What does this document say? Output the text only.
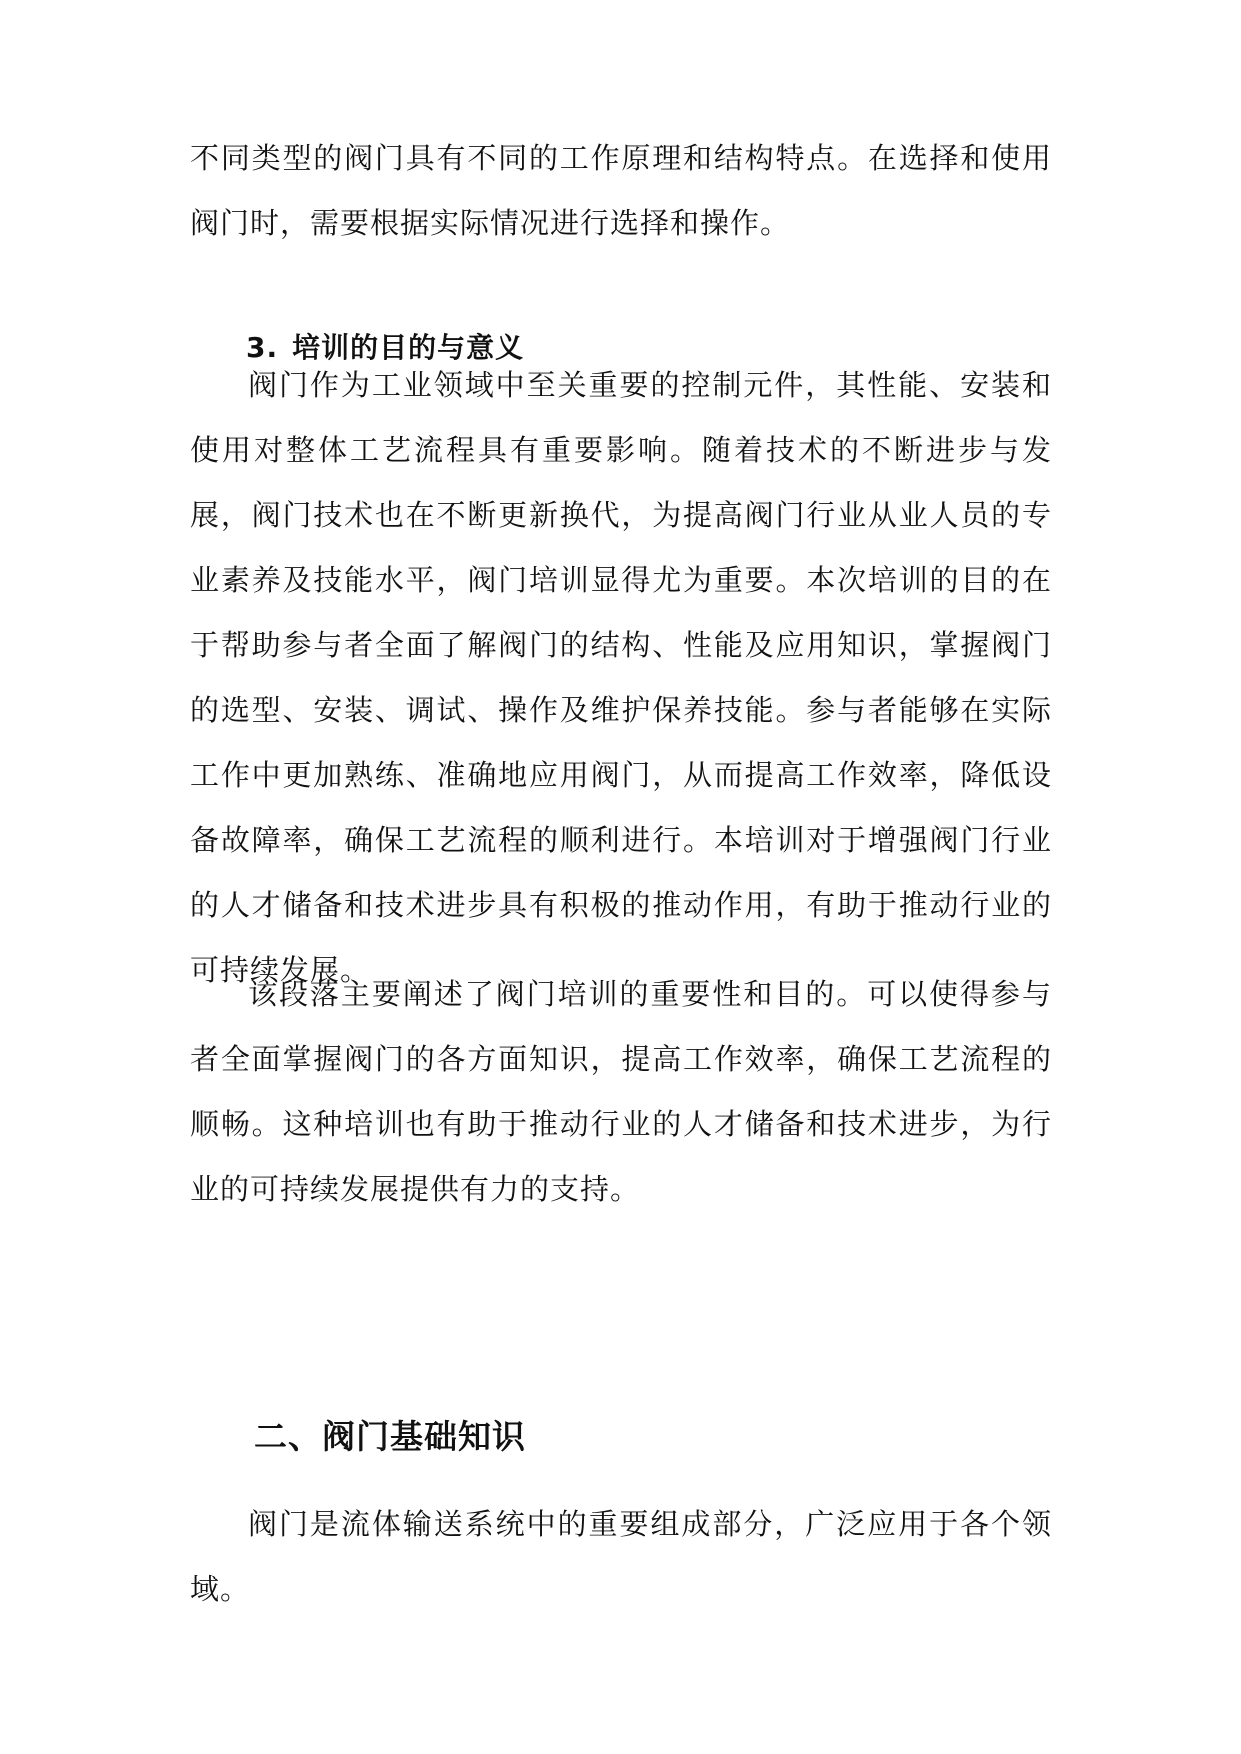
不同类型的阀门具有不同的工作原理和结构特点。在选择和使用阀门时，需要根据实际情况进行选择和操作。

3. 培训的目的与意义

阀门作为工业领域中至关重要的控制元件，其性能、安装和使用对整体工艺流程具有重要影响。随着技术的不断进步与发展，阀门技术也在不断更新换代，为提高阀门行业从业人员的专业素养及技能水平，阀门培训显得尤为重要。本次培训的目的在于帮助参与者全面了解阀门的结构、性能及应用知识，掌握阀门的选型、安装、调试、操作及维护保养技能。参与者能够在实际工作中更加熟练、准确地应用阀门，从而提高工作效率，降低设备故障率，确保工艺流程的顺利进行。本培训对于增强阀门行业的人才储备和技术进步具有积极的推动作用，有助于推动行业的可持续发展。

该段落主要阐述了阀门培训的重要性和目的。可以使得参与者全面掌握阀门的各方面知识，提高工作效率，确保工艺流程的顺畅。这种培训也有助于推动行业的人才储备和技术进步，为行业的可持续发展提供有力的支持。

二、阀门基础知识

阀门是流体输送系统中的重要组成部分，广泛应用于各个领域。
